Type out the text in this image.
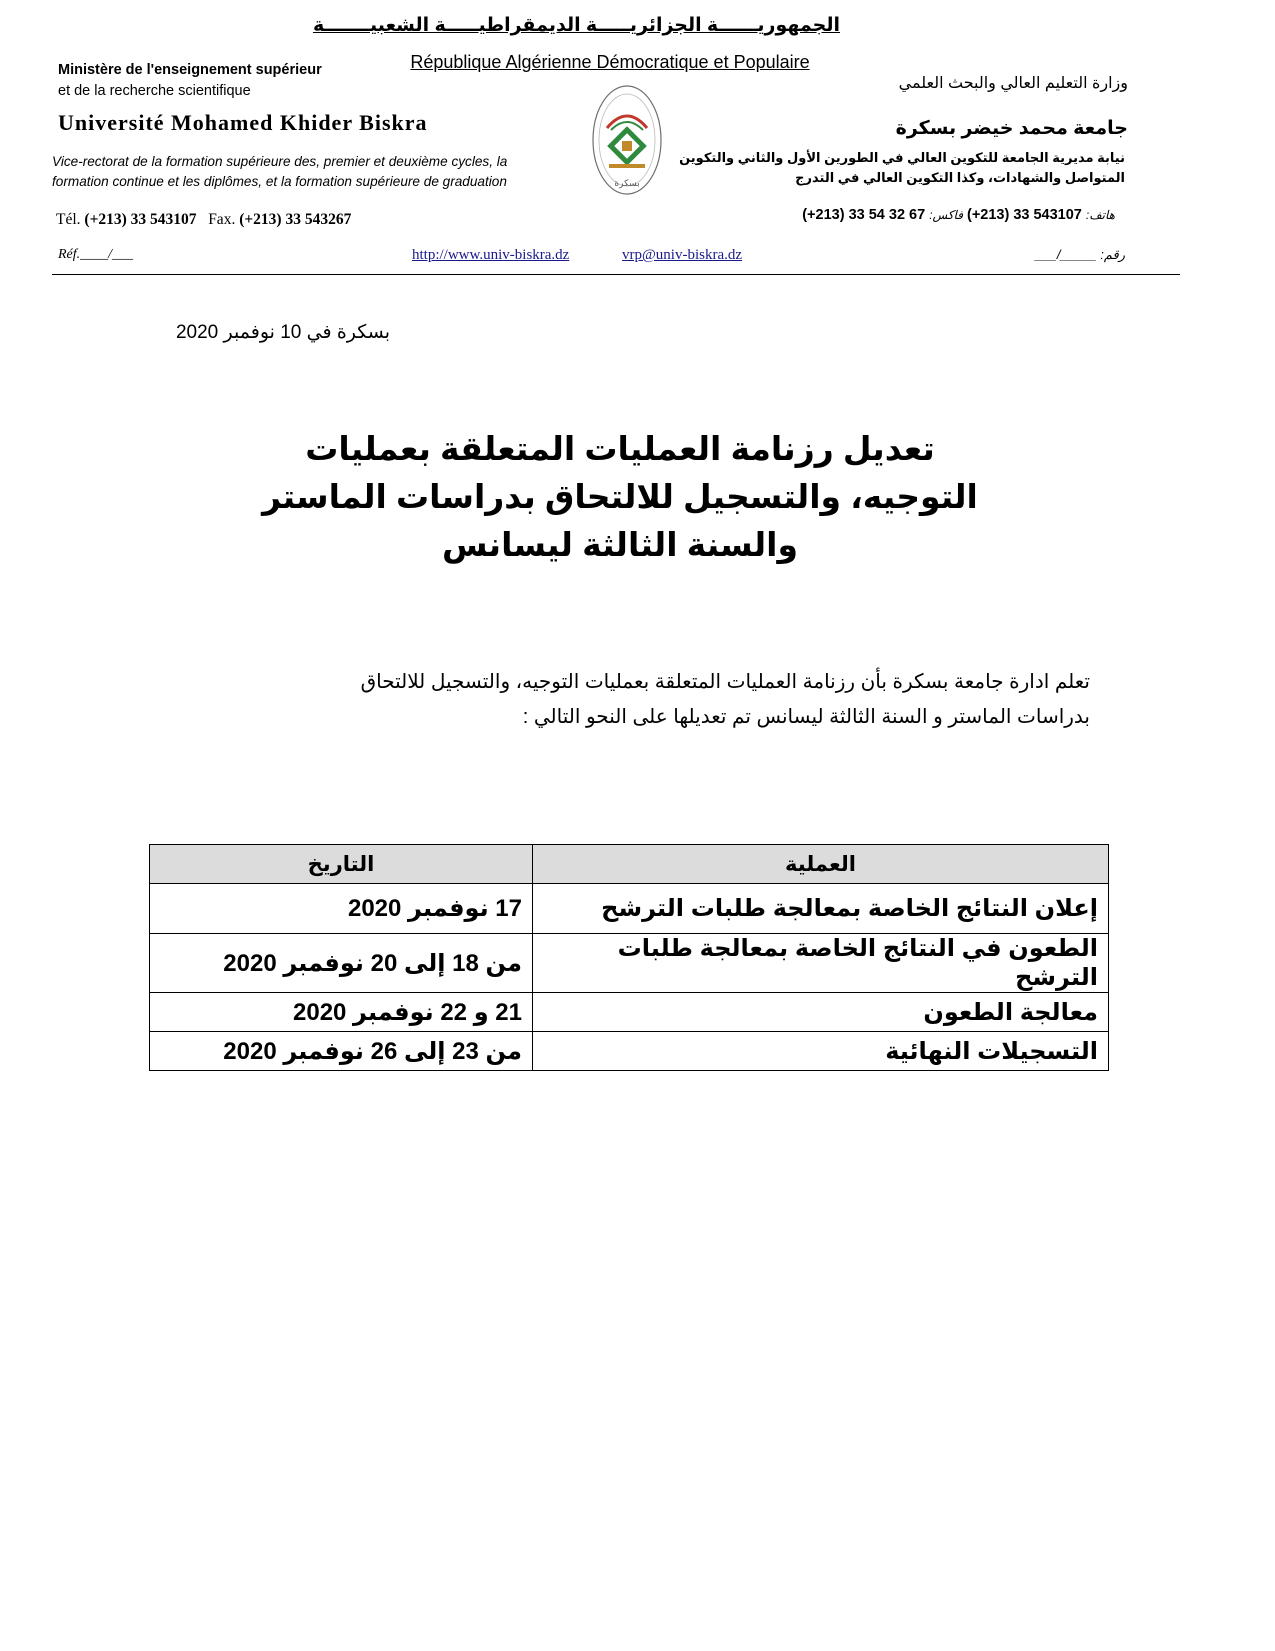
الجمهوريــــــة الجزائريـــــة الديمقراطيـــــة الشعبيـــــــة
République Algérienne Démocratique et Populaire
Ministère de l'enseignement supérieur
et de la recherche scientifique
Université Mohamed Khider Biskra
Vice-rectorat de la formation supérieure des, premier et deuxième cycles, la
formation continue et les diplômes, et la formation supérieure de graduation
Tél. (+213) 33 543107 Fax. (+213) 33 543267
Réf.____/___
بسكرة
وزارة التعليم العالي والبحث العلمي
جامعة محمد خيضر بسكرة
نيابة مديرية الجامعة للتكوين العالي في الطورين الأول والثاني والتكوين
المتواصل والشهادات، وكذا التكوين العالي في التدرج
هاتف: (+213) 33 543107 فاكس: (+213) 33 54 32 67
رقم: _____/___
http://www.univ-biskra.dz	vrp@univ-biskra.dz
بسكرة في 10 نوفمبر 2020
تعديل رزنامة العمليات المتعلقة بعمليات
التوجيه، والتسجيل للالتحاق بدراسات الماستر
والسنة الثالثة ليسانس
تعلم ادارة جامعة بسكرة بأن رزنامة العمليات المتعلقة بعمليات التوجيه، والتسجيل للالتحاق
بدراسات الماستر و السنة الثالثة ليسانس تم تعديلها على النحو التالي :
العملية	التاريخ
إعلان النتائج الخاصة بمعالجة طلبات الترشح	17 نوفمبر 2020
الطعون في النتائج الخاصة بمعالجة طلبات الترشح	من 18 إلى 20 نوفمبر 2020
معالجة الطعون	21 و 22 نوفمبر 2020
التسجيلات النهائية	من 23 إلى 26 نوفمبر 2020
